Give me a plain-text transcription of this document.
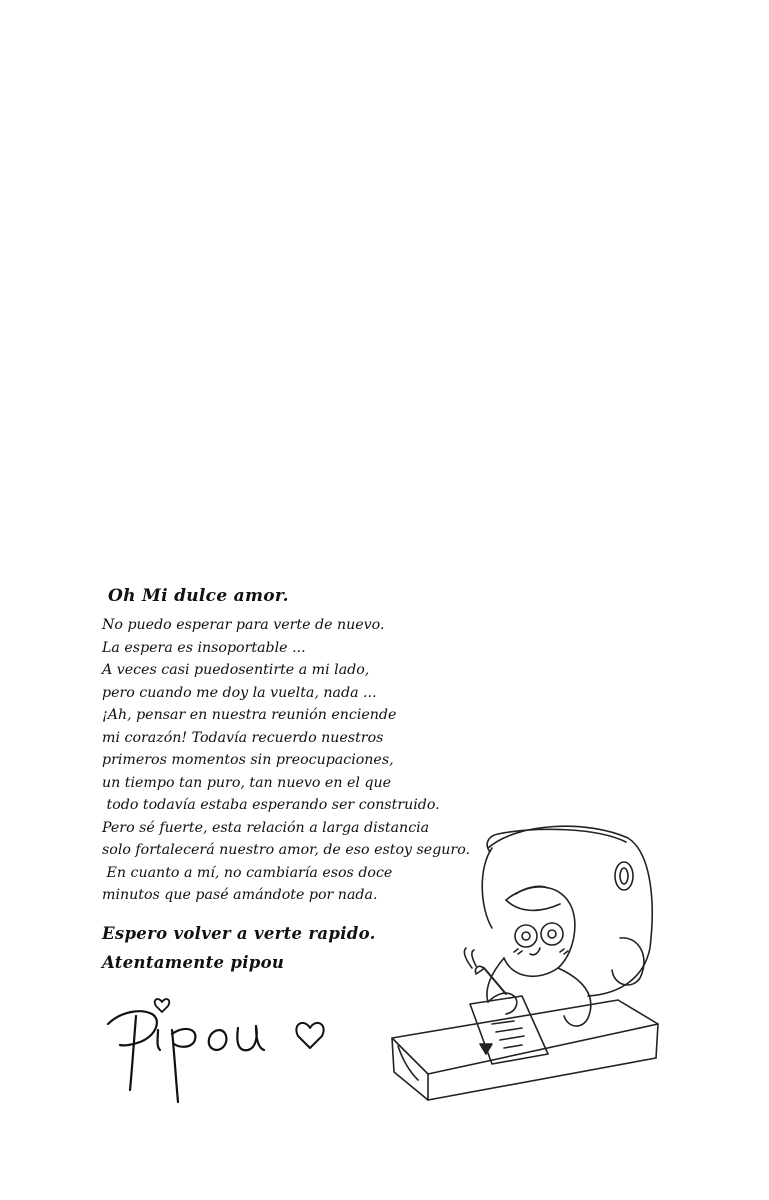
Oh Mi dulce amor.
No puedo esperar para verte de nuevo.
La espera es insoportable ...
A veces casi puedosentirte a mi lado,
pero cuando me doy la vuelta, nada ...
¡Ah, pensar en nuestra reunión enciende
mi corazón! Todavía recuerdo nuestros
primeros momentos sin preocupaciones,
un tiempo tan puro, tan nuevo en el que
todo todavía estaba esperando ser construido.
Pero sé fuerte, esta relación a larga distancia
solo fortalecerá nuestro amor, de eso estoy seguro.
En cuanto a mí, no cambiaría esos doce
minutos que pasé amándote por nada.
Espero volver a verte rapido.
Atentamente pipou
